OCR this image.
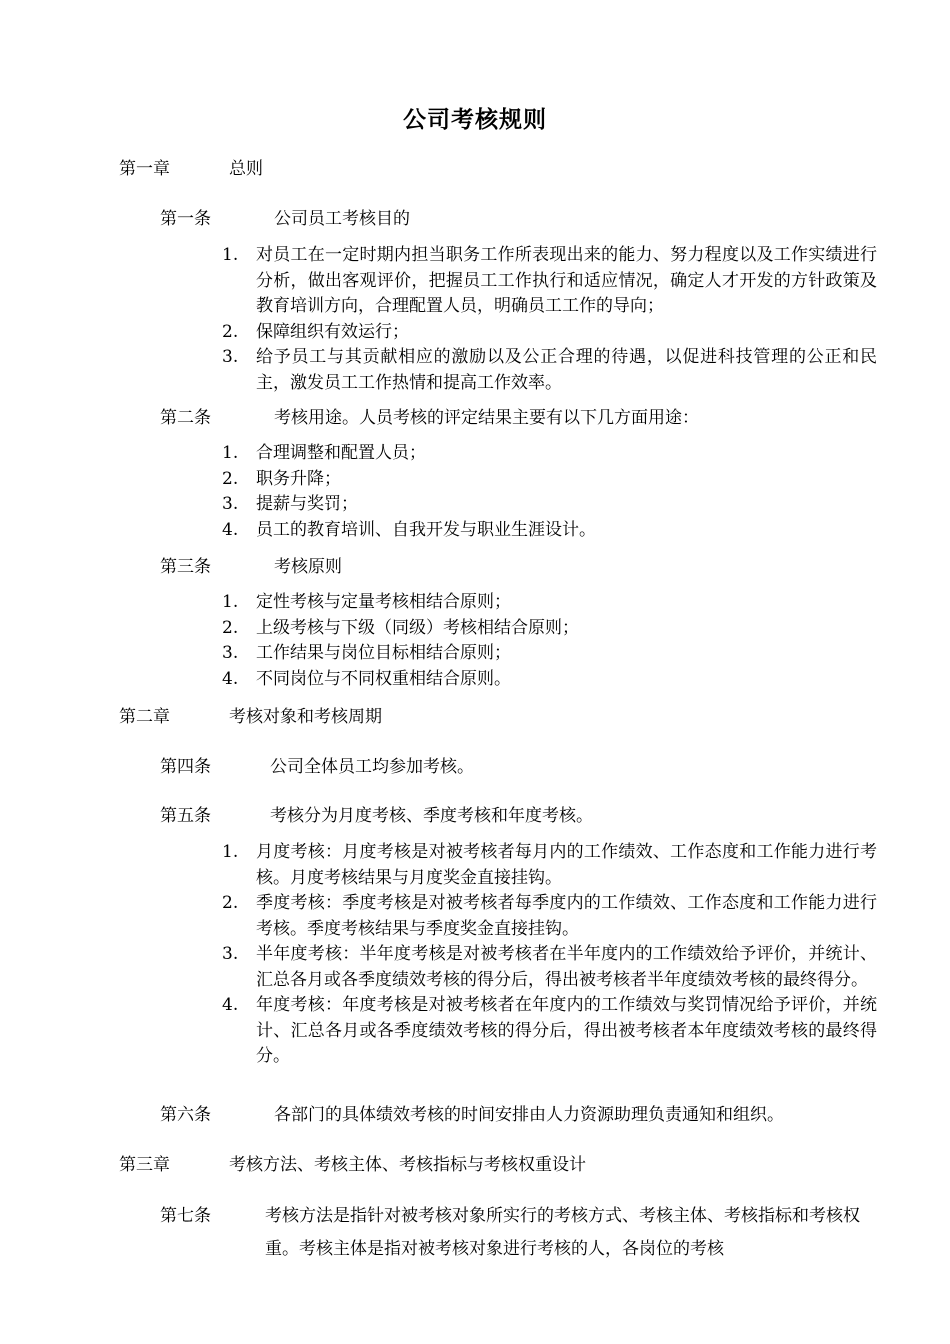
公司考核规则
第一章	总则
第一条	公司员工考核目的
1. 对员工在一定时期内担当职务工作所表现出来的能力、努力程度以及工作实绩进行分析，做出客观评价，把握员工工作执行和适应情况，确定人才开发的方针政策及教育培训方向，合理配置人员，明确员工工作的导向；
2. 保障组织有效运行；
3. 给予员工与其贡献相应的激励以及公正合理的待遇，以促进科技管理的公正和民主，激发员工工作热情和提高工作效率。
第二条	考核用途。人员考核的评定结果主要有以下几方面用途：
1. 合理调整和配置人员；
2. 职务升降；
3. 提薪与奖罚；
4. 员工的教育培训、自我开发与职业生涯设计。
第三条	考核原则
1. 定性考核与定量考核相结合原则；
2. 上级考核与下级（同级）考核相结合原则；
3. 工作结果与岗位目标相结合原则；
4. 不同岗位与不同权重相结合原则。
第二章	考核对象和考核周期
第四条	公司全体员工均参加考核。
第五条	考核分为月度考核、季度考核和年度考核。
1. 月度考核：月度考核是对被考核者每月内的工作绩效、工作态度和工作能力进行考核。月度考核结果与月度奖金直接挂钩。
2. 季度考核：季度考核是对被考核者每季度内的工作绩效、工作态度和工作能力进行考核。季度考核结果与季度奖金直接挂钩。
3. 半年度考核：半年度考核是对被考核者在半年度内的工作绩效给予评价，并统计、汇总各月或各季度绩效考核的得分后，得出被考核者半年度绩效考核的最终得分。
4. 年度考核：年度考核是对被考核者在年度内的工作绩效与奖罚情况给予评价，并统计、汇总各月或各季度绩效考核的得分后，得出被考核者本年度绩效考核的最终得分。
第六条	各部门的具体绩效考核的时间安排由人力资源助理负责通知和组织。
第三章	考核方法、考核主体、考核指标与考核权重设计
第七条	考核方法是指针对被考核对象所实行的考核方式、考核主体、考核指标和考核权重。考核主体是指对被考核对象进行考核的人，各岗位的考核
